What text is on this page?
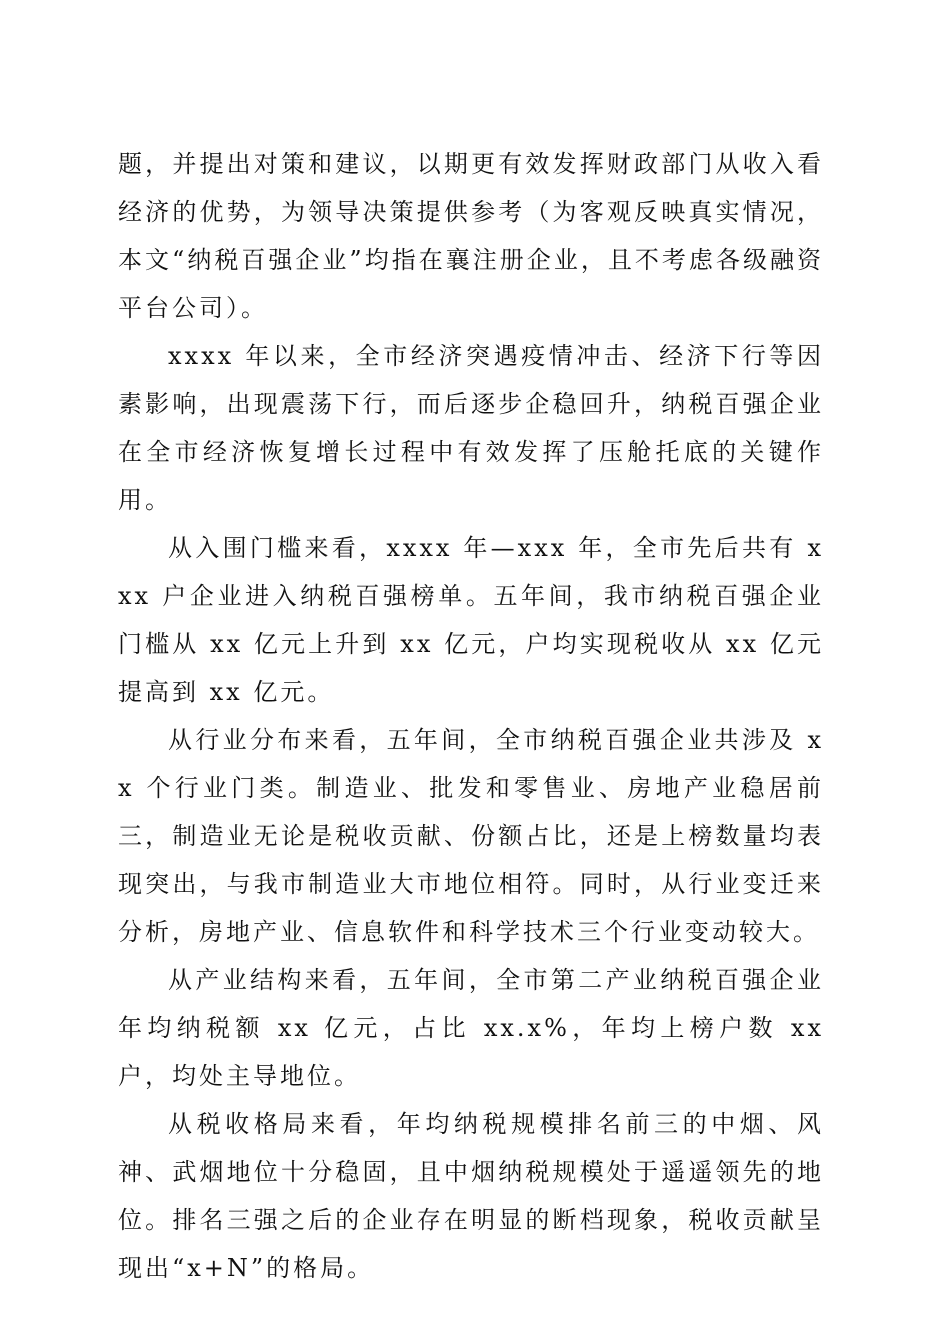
题，并提出对策和建议，以期更有效发挥财政部门从收入看经济的优势，为领导决策提供参考（为客观反映真实情况，本文“纳税百强企业”均指在襄注册企业，且不考虑各级融资平台公司）。

xxxx 年以来，全市经济突遇疫情冲击、经济下行等因素影响，出现震荡下行，而后逐步企稳回升，纳税百强企业在全市经济恢复增长过程中有效发挥了压舱托底的关键作用。

从入围门槛来看，xxxx 年—xxx 年，全市先后共有 xxx 户企业进入纳税百强榜单。五年间，我市纳税百强企业门槛从 xx 亿元上升到 xx 亿元，户均实现税收从 xx 亿元提高到 xx 亿元。

从行业分布来看，五年间，全市纳税百强企业共涉及 xx 个行业门类。制造业、批发和零售业、房地产业稳居前三，制造业无论是税收贡献、份额占比，还是上榜数量均表现突出，与我市制造业大市地位相符。同时，从行业变迁来分析，房地产业、信息软件和科学技术三个行业变动较大。

从产业结构来看，五年间，全市第二产业纳税百强企业年均纳税额 xx 亿元，占比 xx.x%，年均上榜户数 xx 户，均处主导地位。

从税收格局来看，年均纳税规模排名前三的中烟、风神、武烟地位十分稳固，且中烟纳税规模处于遥遥领先的地位。排名三强之后的企业存在明显的断档现象，税收贡献呈现出“x+N”的格局。
